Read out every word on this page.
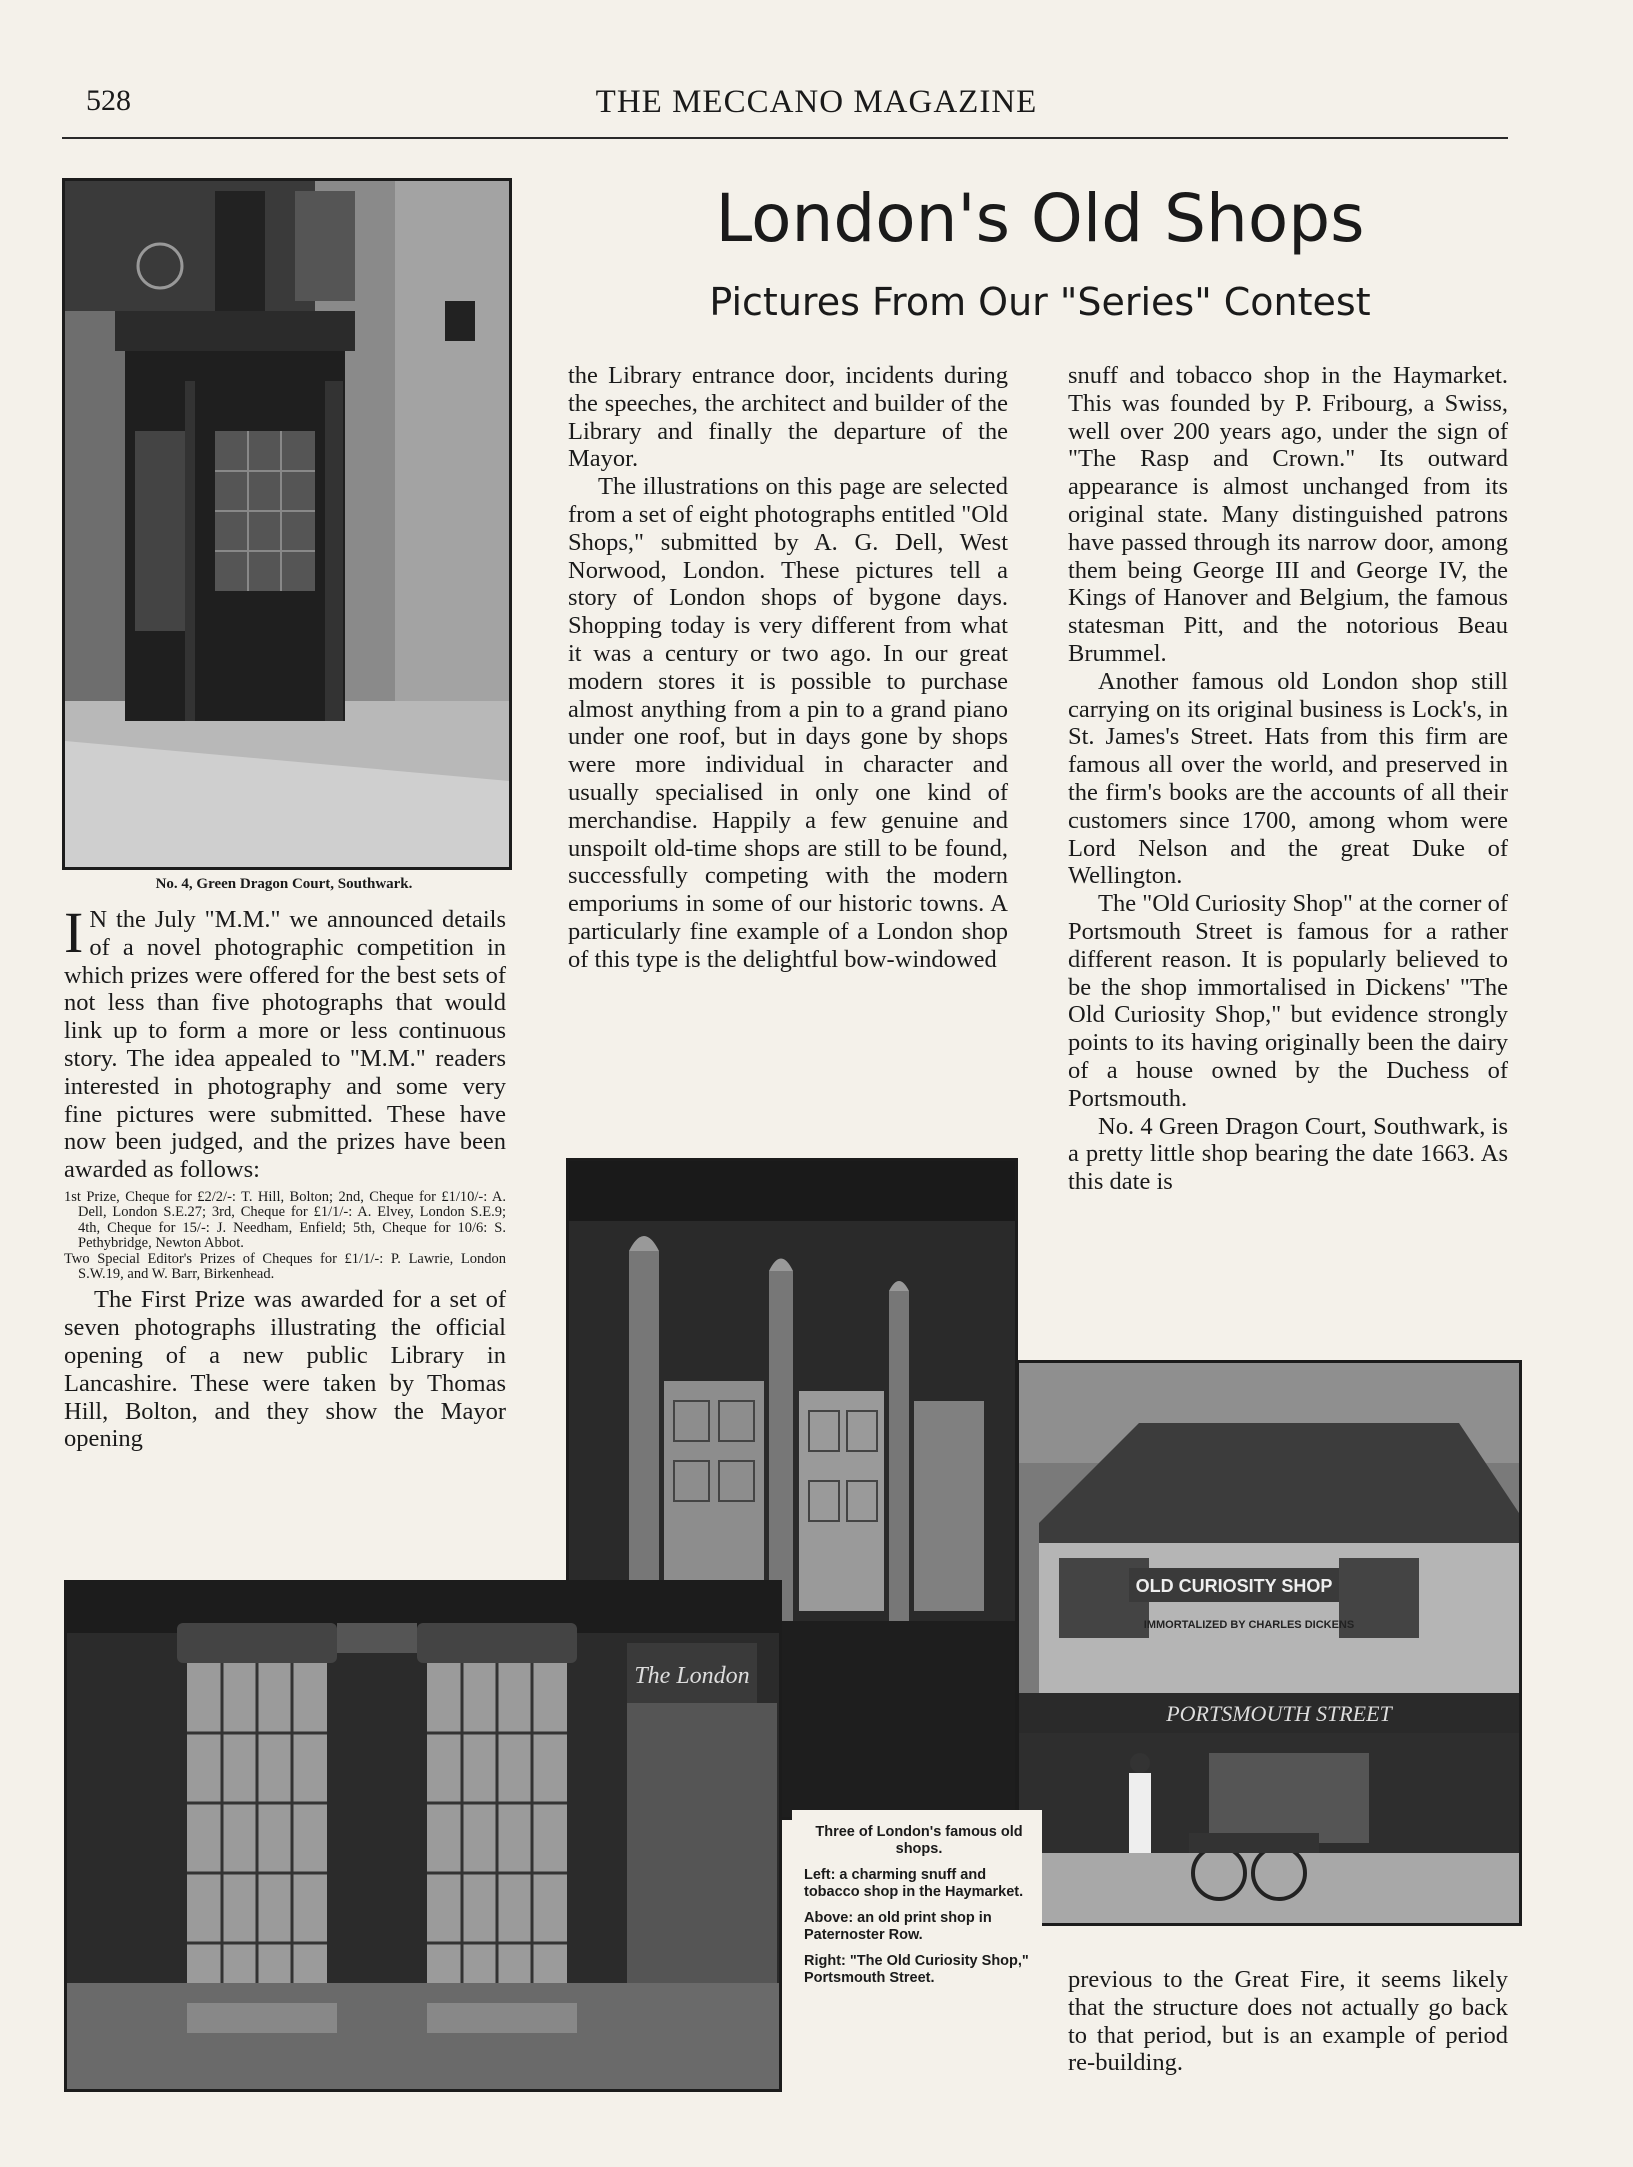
528	THE MECCANO MAGAZINE
London's Old Shops
Pictures From Our "Series" Contest
No. 4, Green Dragon Court, Southwark.

I N the July "M.M." we announced details of a novel photographic competition in which prizes were offered for the best sets of not less than five photographs that would link up to form a more or less continuous story. The idea appealed to "M.M." readers interested in photography and some very fine pictures were submitted. These have now been judged, and the prizes have been awarded as follows:

1st Prize, Cheque for £2/2/-: T. Hill, Bolton; 2nd, Cheque for £1/10/-: A. Dell, London S.E.27; 3rd, Cheque for £1/1/-: A. Elvey, London S.E.9; 4th, Cheque for 15/-: J. Needham, Enfield; 5th, Cheque for 10/6: S. Pethybridge, Newton Abbot.
Two Special Editor's Prizes of Cheques for £1/1/-: P. Lawrie, London S.W.19, and W. Barr, Birkenhead.

The First Prize was awarded for a set of seven photographs illustrating the official opening of a new public Library in Lancashire. These were taken by Thomas Hill, Bolton, and they show the Mayor opening

the Library entrance door, incidents during the speeches, the architect and builder of the Library and finally the departure of the Mayor.

The illustrations on this page are selected from a set of eight photographs entitled "Old Shops," submitted by A. G. Dell, West Norwood, London. These pictures tell a story of London shops of bygone days. Shopping today is very different from what it was a century or two ago. In our great modern stores it is possible to purchase almost anything from a pin to a grand piano under one roof, but in days gone by shops were more individual in character and usually specialised in only one kind of merchandise. Happily a few genuine and unspoilt old-time shops are still to be found, successfully competing with the modern emporiums in some of our historic towns. A particularly fine example of a London shop of this type is the delightful bow-windowed

snuff and tobacco shop in the Haymarket. This was founded by P. Fribourg, a Swiss, well over 200 years ago, under the sign of "The Rasp and Crown." Its outward appearance is almost unchanged from its original state. Many distinguished patrons have passed through its narrow door, among them being George III and George IV, the Kings of Hanover and Belgium, the famous statesman Pitt, and the notorious Beau Brummel.

Another famous old London shop still carrying on its original business is Lock's, in St. James's Street. Hats from this firm are famous all over the world, and preserved in the firm's books are the accounts of all their customers since 1700, among whom were Lord Nelson and the great Duke of Wellington.

The "Old Curiosity Shop" at the corner of Portsmouth Street is famous for a rather different reason. It is popularly believed to be the shop immortalised in Dickens' "The Old Curiosity Shop," but evidence strongly points to its having originally been the dairy of a house owned by the Duchess of Portsmouth.

No. 4 Green Dragon Court, Southwark, is a pretty little shop bearing the date 1663. As this date is

previous to the Great Fire, it seems likely that the structure does not actually go back to that period, but is an example of period re-building.

OLD CURIOSITY SHOP
IMMORTALIZED BY CHARLES DICKENS
PORTSMOUTH STREET
The London

Three of London's famous old shops.

Left: a charming snuff and tobacco shop in the Haymarket.

Above: an old print shop in Paternoster Row.

Right: "The Old Curiosity Shop," Portsmouth Street.
